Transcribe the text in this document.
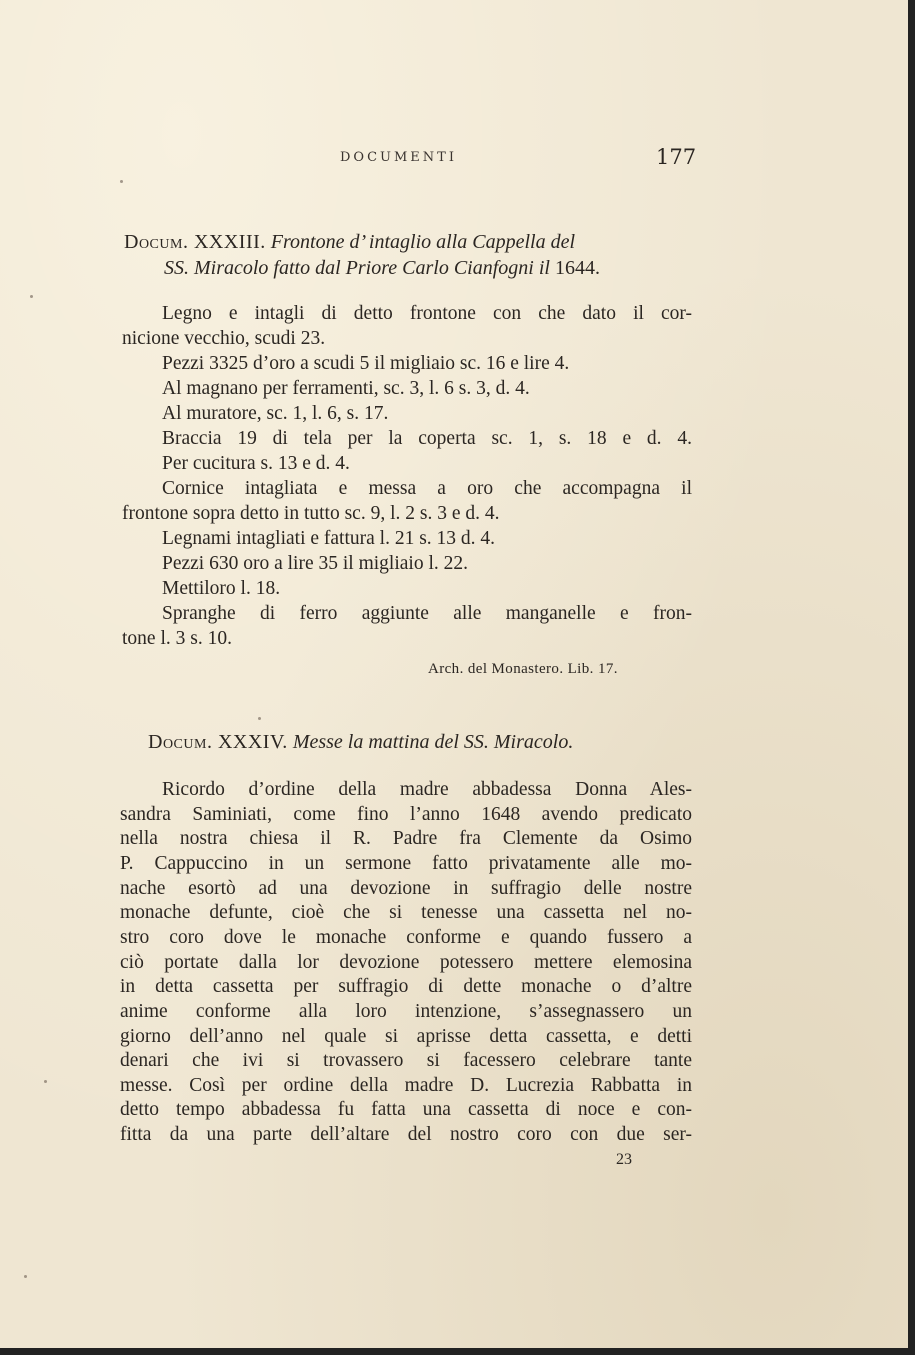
DOCUMENTI	177
Docum. XXXIII. Frontone d’ intaglio alla Cappella del
SS. Miracolo fatto dal Priore Carlo Cianfogni il 1644.
Legno e intagli di detto frontone con che dato il cor-
nicione vecchio, scudi 23.
Pezzi 3325 d’oro a scudi 5 il migliaio sc. 16 e lire 4.
Al magnano per ferramenti, sc. 3, l. 6 s. 3, d. 4.
Al muratore, sc. 1, l. 6, s. 17.
Braccia 19 di tela per la coperta sc. 1, s. 18 e d. 4.
Per cucitura s. 13 e d. 4.
Cornice intagliata e messa a oro che accompagna il
frontone sopra detto in tutto sc. 9, l. 2 s. 3 e d. 4.
Legnami intagliati e fattura l. 21 s. 13 d. 4.
Pezzi 630 oro a lire 35 il migliaio l. 22.
Mettiloro l. 18.
Spranghe di ferro aggiunte alle manganelle e fron-
tone l. 3 s. 10.
Arch. del Monastero. Lib. 17.
Docum. XXXIV. Messe la mattina del SS. Miracolo.
Ricordo d’ordine della madre abbadessa Donna Ales-
sandra Saminiati, come fino l’anno 1648 avendo predicato
nella nostra chiesa il R. Padre fra Clemente da Osimo
P. Cappuccino in un sermone fatto privatamente alle mo-
nache esortò ad una devozione in suffragio delle nostre
monache defunte, cioè che si tenesse una cassetta nel no-
stro coro dove le monache conforme e quando fussero a
ciò portate dalla lor devozione potessero mettere elemosina
in detta cassetta per suffragio di dette monache o d’altre
anime conforme alla loro intenzione, s’assegnassero un
giorno dell’anno nel quale si aprisse detta cassetta, e detti
denari che ivi si trovassero si facessero celebrare tante
messe. Così per ordine della madre D. Lucrezia Rabbatta in
detto tempo abbadessa fu fatta una cassetta di noce e con-
fitta da una parte dell’altare del nostro coro con due ser-
23
